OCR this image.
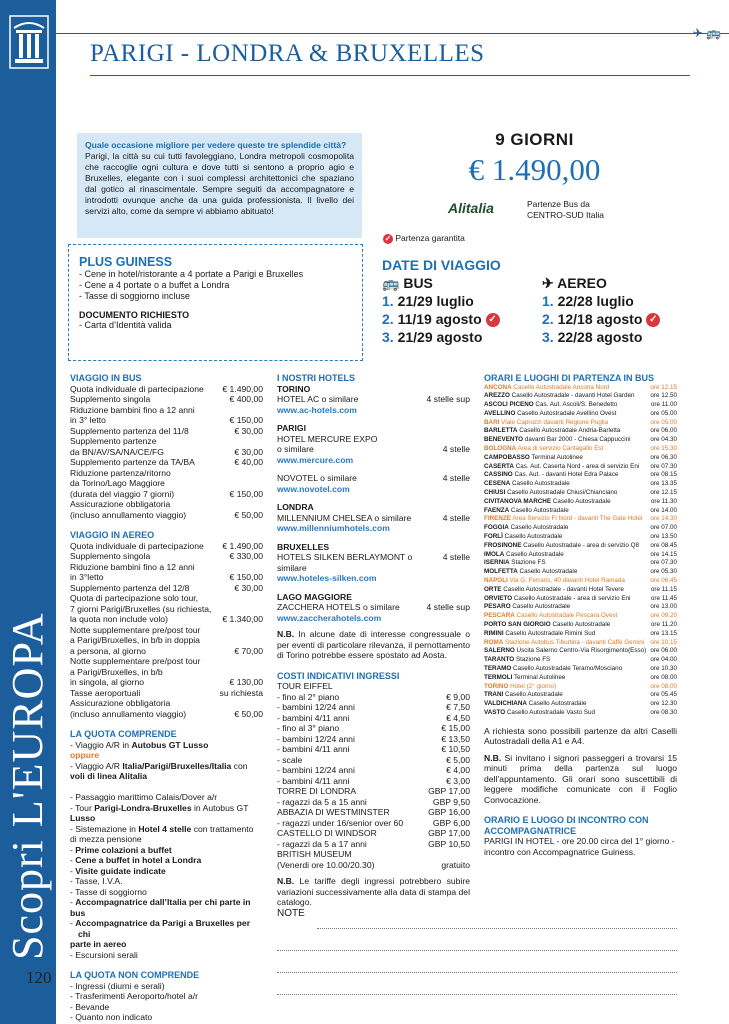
Scopri L'EUROPA
120
✈ 🚌
PARIGI - LONDRA & BRUXELLES
Quale occasione migliore per vedere queste tre splendide città?
Parigi, la città su cui tutti favoleggiano, Londra metropoli cosmopolita che raccoglie ogni cultura e dove tutti si sentono a proprio agio e Bruxelles, elegante con i suoi complessi architettonici che spaziano dal gotico al rinascimentale. Sempre seguiti da accompagnatore e introdotti ovunque anche da una guida professionista. Il livello dei servizi alto, come da sempre vi abbiamo abituato!
9 GIORNI
€ 1.490,00
Alitalia	Partenze Bus da
CENTRO-SUD Italia
✓ Partenza garantita
PLUS GUINESS
- Cene in hotel/ristorante a 4 portate a Parigi e Bruxelles
- Cene a 4 portate o a buffet a Londra
- Tasse di soggiorno incluse
DOCUMENTO RICHIESTO
- Carta d’Identità valida
DATE DI VIAGGIO
🚌 BUS
1. 21/29 luglio
2. 11/19 agosto ✓
3. 21/29 agosto
✈ AEREO
1. 22/28 luglio
2. 12/18 agosto ✓
3. 22/28 agosto
VIAGGIO IN BUS
Quota individuale di partecipazione € 1.490,00
Supplemento singola	€ 400,00
Riduzione bambini fino a 12 anni
in 3° letto	€ 150,00
Supplemento partenza del 11/8	€ 30,00
Supplemento partenze
da BN/AV/SA/NA/CE/FG	€ 30,00
Supplemento partenze da TA/BA	€ 40,00
Riduzione partenza/ritorno
da Torino/Lago Maggiore
(durata del viaggio 7 giorni)	€ 150,00
Assicurazione obbligatoria
(incluso annullamento viaggio)	€ 50,00
VIAGGIO IN AEREO
Quota individuale di partecipazione € 1.490,00
Supplemento singola	€ 330,00
Riduzione bambini fino a 12 anni
in 3°letto	€ 150,00
Supplemento partenza del 12/8	€ 30,00
Quota di partecipazione solo tour,
7 giorni Parigi/Bruxelles (su richiesta,
la quota non include volo)	€ 1.340,00
Notte supplementare pre/post tour
a Parigi/Bruxelles, in b/b in doppia
a persona, al giorno	€ 70,00
Notte supplementare pre/post tour
a Parigi/Bruxelles, in b/b
in singola, al giorno	€ 130,00
Tasse aeroportuali	su richiesta
Assicurazione obbligatoria
(incluso annullamento viaggio)	€ 50,00
LA QUOTA COMPRENDE
- Viaggio A/R in Autobus GT Lusso
oppure
- Viaggio A/R Italia/Parigi/Bruxelles/Italia con
voli di linea Alitalia

- Passaggio marittimo Calais/Dover a/r
- Tour Parigi-Londra-Bruxelles in Autobus GT
Lusso
- Sistemazione in Hotel 4 stelle con trattamento
di mezza pensione
- Prime colazioni a buffet
- Cene a buffet in hotel a Londra
- Visite guidate indicate
- Tasse, I.V.A.
- Tasse di soggiorno
- Accompagnatrice dall’Italia per chi parte in
bus
- Accompagnatrice da Parigi a Bruxelles per chi
parte in aereo
- Escursioni serali
LA QUOTA NON COMPRENDE
- Ingressi (diurni e serali)
- Trasferimenti Aeroporto/hotel a/r
- Bevande
- Quanto non indicato
I NOSTRI HOTELS
TORINO
HOTEL AC o similare	4 stelle sup
www.ac-hotels.com
PARIGI
HOTEL MERCURE EXPO
o similare	4 stelle
www.mercure.com
NOVOTEL o similare	4 stelle
www.novotel.com
LONDRA
MILLENNIUM CHELSEA o similare	4 stelle
www.millenniumhotels.com
BRUXELLES
HOTELS SILKEN BERLAYMONT o similare
4 stelle
www.hoteles-silken.com
LAGO MAGGIORE
ZACCHERA HOTELS o similare	4 stelle sup
www.zaccherahotels.com
N.B. In alcune date di interesse congressuale o per eventi di particolare rilevanza, il pernottamento di Torino potrebbe essere spostato ad Aosta.
COSTI INDICATIVI INGRESSI
TOUR EIFFEL
- fino al 2° piano	€ 9,00
- bambini 12/24 anni	€ 7,50
- bambini 4/11 anni	€ 4,50
- fino al 3° piano	€ 15,00
- bambini 12/24 anni	€ 13,50
- bambini 4/11 anni	€ 10,50
- scale	€ 5,00
- bambini 12/24 anni	€ 4,00
- bambini 4/11 anni	€ 3,00
TORRE DI LONDRA	GBP 17,00
- ragazzi da 5 a 15 anni	GBP 9,50
ABBAZIA DI WESTMINSTER	GBP 16,00
- ragazzi under 16/senior over 60	GBP 6,00
CASTELLO DI WINDSOR	GBP 17,00
- ragazzi da 5 a 17 anni	GBP 10,50
BRITISH MUSEUM
(Venerdi ore 10.00/20.30)	gratuito
N.B. Le tariffe degli ingressi potrebbero subire variazioni successivamente alla data di stampa del catalogo.
NOTE
ORARI E LUOGHI DI PARTENZA IN BUS
ANCONA Casello Autostradale Ancona Nord	ore 12.15
AREZZO Casello Autostradale - davanti Hotel Garden	ore 12.50
ASCOLI PICENO Cas. Aut. Ascoli/S. Benedetto	ore 11.00
AVELLINO Casello Autostradale Avellino Ovest	ore 05.00
BARI Viale Capruzzi davanti Regione Puglia	ore 05.00
BARLETTA Casello Autostradale Andria-Barletta	ore 06.00
BENEVENTO davanti Bar 2000 - Chiesa Cappuccini	ore 04.30
BOLOGNA Area di servizio Cantagallo Est	ore 15.30
CAMPOBASSO Terminal Autolinee	ore 06.30
CASERTA Cas. Aut. Caserta Nord - area di servizio Eni ore 07.30
CASSINO Cas. Aut. - davanti Hotel Edra Palace	ore 08.15
CESENA Casello Autostradale	ore 13.35
CHIUSI Casello Autostradale Chiusi/Chianciano	ore 12.15
CIVITANOVA MARCHE Casello Autostradale	ore 11.30
FAENZA Casello Autostradale	ore 14.00
FIRENZE Area Servizio Fi Nord - davanti The Gate Hotel ore 14.30
FOGGIA Casello Autostradale	ore 07.00
FORLÌ Casello Autostradale	ore 13.50
FROSINONE Casello Autostradale - area di servizio Q8 ore 08.45
IMOLA Casello Autostradale	ore 14.15
ISERNIA Stazione FS	ore 07.30
MOLFETTA Casello Autostradale	ore 05.30
NAPOLI Via G. Ferraris, 40 davanti Hotel Ramada	ore 06.45
ORTE Casello Autostradale - davanti Hotel Tevere	ore 11.15
ORVIETO Casello Autostradale - area di servizio Eni	ore 11.45
PESARO Casello Autostradale	ore 13.00
PESCARA Casello Autostradale Pescara Ovest	ore 09.20
PORTO SAN GIORGIO Casello Autostradale	ore 11.20
RIMINI Casello Autostradale Rimini Sud	ore 13.15
ROMA Stazione Autobus Tiburtina - davanti Caffè Gemini ore 10.15
SALERNO Uscita Salerno Centro-Via Risorgimento(Esso) ore 06.00
TARANTO Stazione FS	ore 04.00
TERAMO Casello Autostradale Teramo/Mosciano	ore 10.30
TERMOLI Terminal Autolinee	ore 08.00
TORINO Hotel (2° giorno)	ore 08.00
TRANI Casello Autostradale	ore 05.45
VALDICHIANA Casello Autostradale	ore 12.30
VASTO Casello Autostradale Vasto Sud	ore 08.30
A richiesta sono possibili partenze da altri Caselli Autostradali della A1 e A4.
N.B. Si invitano i signori passeggeri a trovarsi 15 minuti prima della partenza sul luogo dell’appuntamento. Gli orari sono suscettibili di leggere modifiche comunicate con il Foglio Convocazione.
ORARIO E LUOGO DI INCONTRO CON ACCOMPAGNATRICE
PARIGI IN HOTEL - ore 20.00 circa del 1° giorno - incontro con Accompagnatrice Guiness.
